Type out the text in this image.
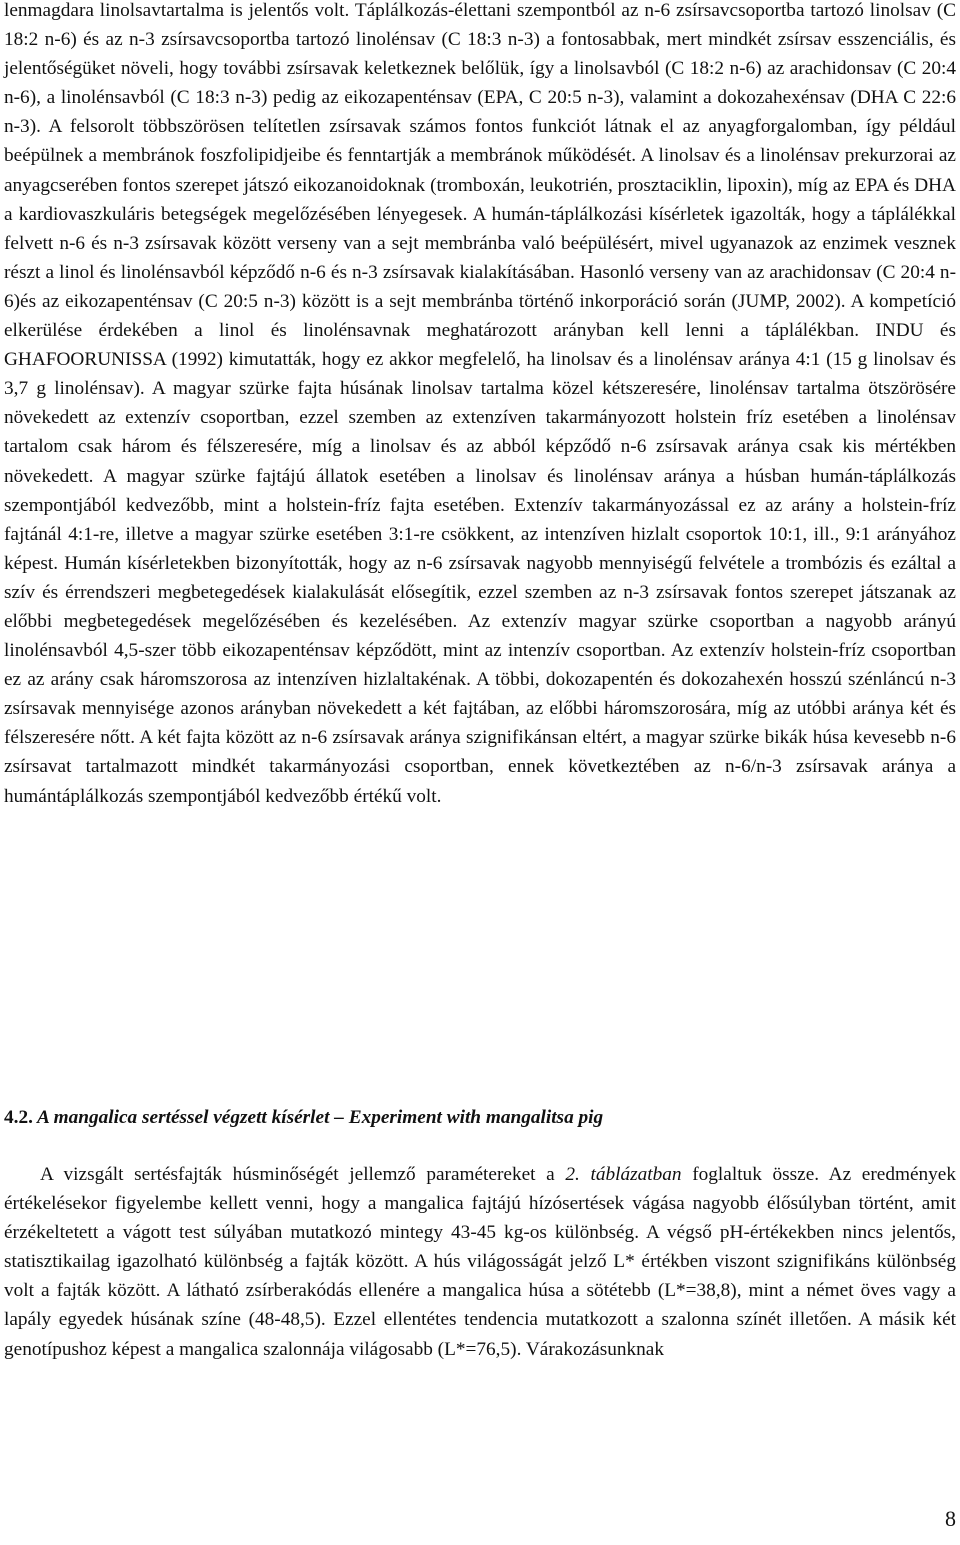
lenmagdara linolsavtartalma is jelentős volt. Táplálkozás-élettani szempontból az n-6 zsírsavcsoportba tartozó linolsav (C 18:2 n-6) és az n-3 zsírsavcsoportba tartozó linolénsav (C 18:3 n-3) a fontosabbak, mert mindkét zsírsav esszenciális, és jelentőségüket növeli, hogy további zsírsavak keletkeznek belőlük, így a linolsavból (C 18:2 n-6) az arachidonsav (C 20:4 n-6), a linolénsavból (C 18:3 n-3) pedig az eikozapenténsav (EPA, C 20:5 n-3), valamint a dokozahexénsav (DHA C 22:6 n-3). A felsorolt többszörösen telítetlen zsírsavak számos fontos funkciót látnak el az anyagforgalomban, így például beépülnek a membránok foszfolipidjeibe és fenntartják a membránok működését. A linolsav és a linolénsav prekurzorai az anyagcserében fontos szerepet játszó eikozanoidoknak (tromboxán, leukotrién, prosztaciklin, lipoxin), míg az EPA és DHA a kardiovaszkuláris betegségek megelőzésében lényegesek. A humán-táplálkozási kísérletek igazolták, hogy a táplálékkal felvett n-6 és n-3 zsírsavak között verseny van a sejt membránba való beépülésért, mivel ugyanazok az enzimek vesznek részt a linol és linolénsavból képződő n-6 és n-3 zsírsavak kialakításában. Hasonló verseny van az arachidonsav (C 20:4 n-6)és az eikozapenténsav (C 20:5 n-3) között is a sejt membránba történő inkorporáció során (JUMP, 2002). A kompetíció elkerülése érdekében a linol és linolénsavnak meghatározott arányban kell lenni a táplálékban. INDU és GHAFOORUNISSA (1992) kimutatták, hogy ez akkor megfelelő, ha linolsav és a linolénsav aránya 4:1 (15 g linolsav és 3,7 g linolénsav). A magyar szürke fajta húsának linolsav tartalma közel kétszeresére, linolénsav tartalma ötszörösére növekedett az extenzív csoportban, ezzel szemben az extenzíven takarmányozott holstein fríz esetében a linolénsav tartalom csak három és félszeresére, míg a linolsav és az abból képződő n-6 zsírsavak aránya csak kis mértékben növekedett. A magyar szürke fajtájú állatok esetében a linolsav és linolénsav aránya a húsban humán-táplálkozás szempontjából kedvezőbb, mint a holstein-fríz fajta esetében. Extenzív takarmányozással ez az arány a holstein-fríz fajtánál 4:1-re, illetve a magyar szürke esetében 3:1-re csökkent, az intenzíven hizlalt csoportok 10:1, ill., 9:1 arányához képest. Humán kísérletekben bizonyították, hogy az n-6 zsírsavak nagyobb mennyiségű felvétele a trombózis és ezáltal a szív és érrendszeri megbetegedések kialakulását elősegítik, ezzel szemben az n-3 zsírsavak fontos szerepet játszanak az előbbi megbetegedések megelőzésében és kezelésében. Az extenzív magyar szürke csoportban a nagyobb arányú linolénsavból 4,5-szer több eikozapenténsav képződött, mint az intenzív csoportban. Az extenzív holstein-fríz csoportban ez az arány csak háromszorosa az intenzíven hizlaltakénak. A többi, dokozapentén és dokozahexén hosszú szénláncú n-3 zsírsavak mennyisége azonos arányban növekedett a két fajtában, az előbbi háromszorosára, míg az utóbbi aránya két és félszeresére nőtt. A két fajta között az n-6 zsírsavak aránya szignifikánsan eltért, a magyar szürke bikák húsa kevesebb n-6 zsírsavat tartalmazott mindkét takarmányozási csoportban, ennek következtében az n-6/n-3 zsírsavak aránya a humántáplálkozás szempontjából kedvezőbb értékű volt.

4.2. A mangalica sertéssel végzett kísérlet – Experiment with mangalitsa pig

A vizsgált sertésfajták húsminőségét jellemző paramétereket a 2. táblázatban foglaltuk össze. Az eredmények értékelésekor figyelembe kellett venni, hogy a mangalica fajtájú hízósertések vágása nagyobb élősúlyban történt, amit érzékeltetett a vágott test súlyában mutatkozó mintegy 43-45 kg-os különbség. A végső pH-értékekben nincs jelentős, statisztikailag igazolható különbség a fajták között. A hús világosságát jelző L* értékben viszont szignifikáns különbség volt a fajták között. A látható zsírberakódás ellenére a mangalica húsa a sötétebb (L*=38,8), mint a német öves vagy a lapály egyedek húsának színe (48-48,5). Ezzel ellentétes tendencia mutatkozott a szalonna színét illetően. A másik két genotípushoz képest a mangalica szalonnája világosabb (L*=76,5). Várakozásunknak

8
